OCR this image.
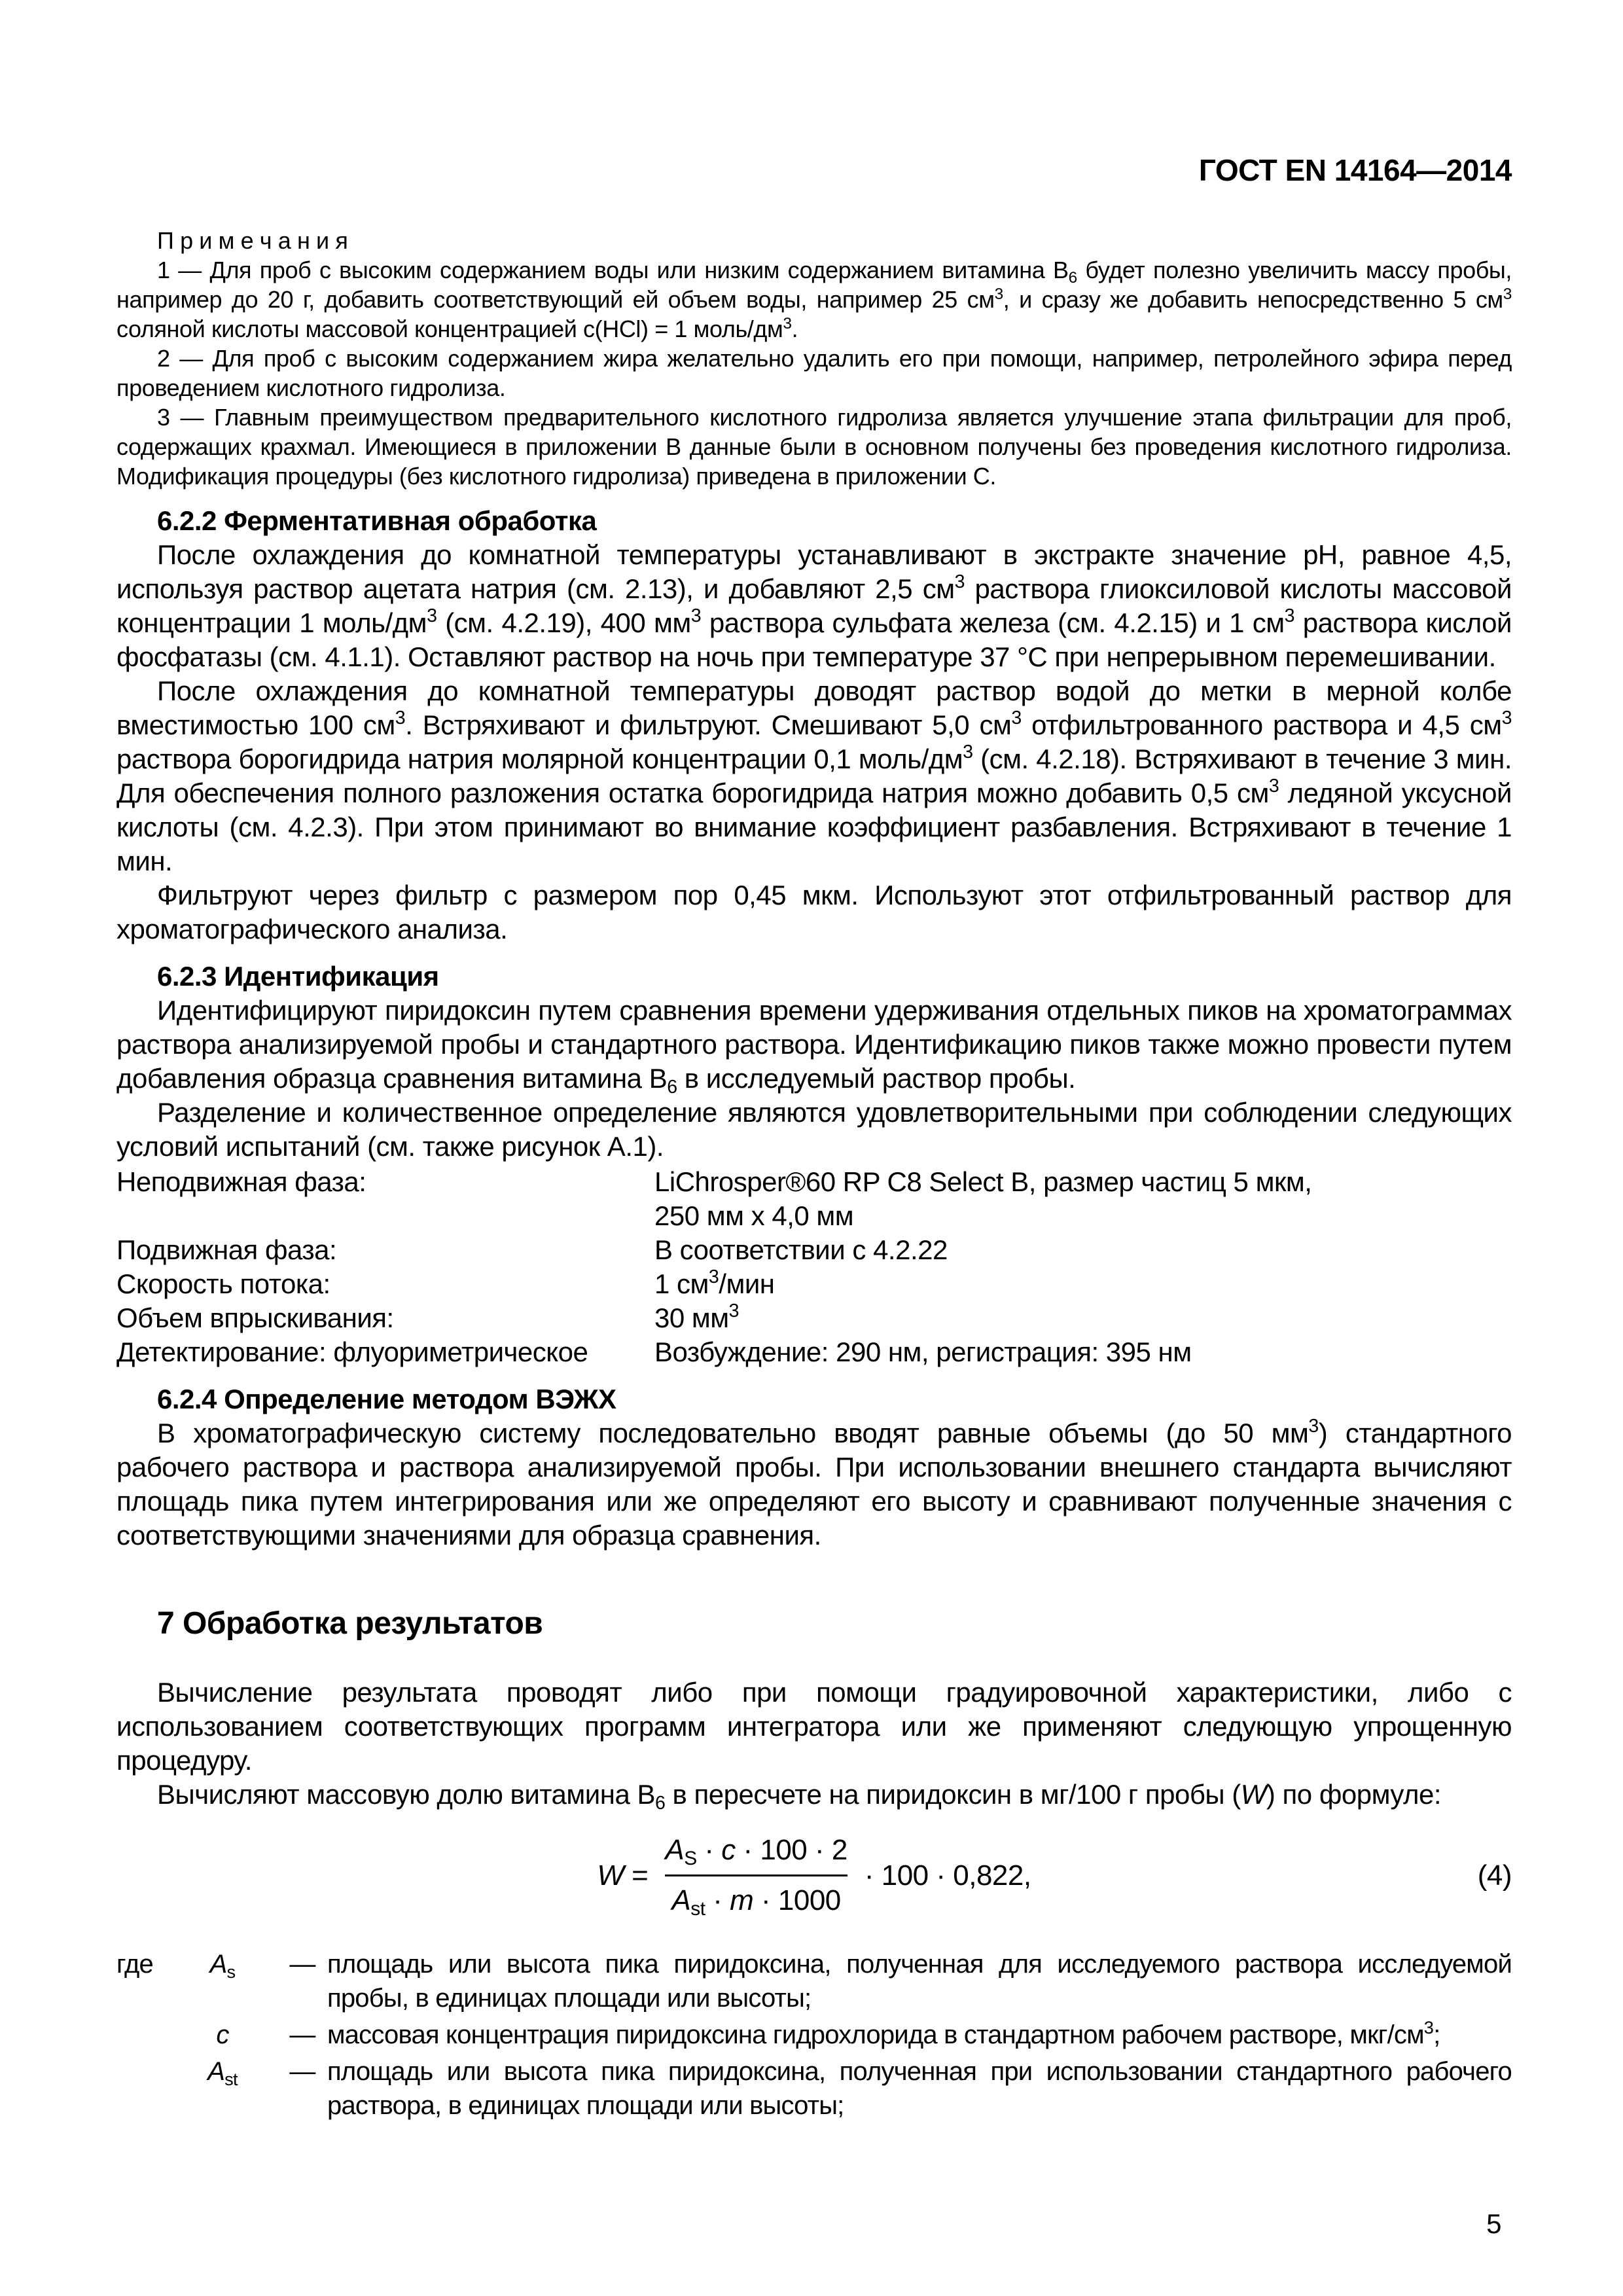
ГОСТ EN 14164—2014
П р и м е ч а н и я

1 — Для проб с высоким содержанием воды или низким содержанием витамина $В_6$ будет полезно увеличить массу пробы, например до 20 г, добавить соответствующий ей объем воды, например 25 $см^3$, и сразу же добавить непосредственно 5 $см^3$ соляной кислоты массовой концентрацией c(HCl) = 1 моль/$дм^3$.

2 — Для проб с высоким содержанием жира желательно удалить его при помощи, например, петролейного эфира перед проведением кислотного гидролиза.

3 — Главным преимуществом предварительного кислотного гидролиза является улучшение этапа фильтрации для проб, содержащих крахмал. Имеющиеся в приложении В данные были в основном получены без проведения кислотного гидролиза. Модификация процедуры (без кислотного гидролиза) приведена в приложении С.

6.2.2 Ферментативная обработка

После охлаждения до комнатной температуры устанавливают в экстракте значение pH, равное 4,5, используя раствор ацетата натрия (см. 2.13), и добавляют 2,5 $см^3$ раствора глиоксиловой кислоты массовой концентрации 1 моль/$дм^3$ (см. 4.2.19), 400 $мм^3$ раствора сульфата железа (см. 4.2.15) и 1 $см^3$ раствора кислой фосфатазы (см. 4.1.1). Оставляют раствор на ночь при температуре 37 °C при непрерывном перемешивании.

После охлаждения до комнатной температуры доводят раствор водой до метки в мерной колбе вместимостью 100 $см^3$. Встряхивают и фильтруют. Смешивают 5,0 $см^3$ отфильтрованного раствора и 4,5 $см^3$ раствора борогидрида натрия молярной концентрации 0,1 моль/$дм^3$ (см. 4.2.18). Встряхивают в течение 3 мин. Для обеспечения полного разложения остатка борогидрида натрия можно добавить 0,5 $см^3$ ледяной уксусной кислоты (см. 4.2.3). При этом принимают во внимание коэффициент разбавления. Встряхивают в течение 1 мин.

Фильтруют через фильтр с размером пор 0,45 мкм. Используют этот отфильтрованный раствор для хроматографического анализа.

6.2.3 Идентификация

Идентифицируют пиридоксин путем сравнения времени удерживания отдельных пиков на хроматограммах раствора анализируемой пробы и стандартного раствора. Идентификацию пиков также можно провести путем добавления образца сравнения витамина $В_6$ в исследуемый раствор пробы.

Разделение и количественное определение являются удовлетворительными при соблюдении следующих условий испытаний (см. также рисунок А.1).

Неподвижная фаза:	LiChrosper®60 RP C8 Select B, размер частиц 5 мкм,
250 мм x 4,0 мм
Подвижная фаза:	В соответствии с 4.2.22
Скорость потока:	1 $см^3$/мин
Объем впрыскивания:	30 $мм^3$
Детектирование: флуориметрическое	Возбуждение: 290 нм, регистрация: 395 нм
6.2.4 Определение методом ВЭЖХ

В хроматографическую систему последовательно вводят равные объемы (до 50 $мм^3$) стандартного рабочего раствора и раствора анализируемой пробы. При использовании внешнего стандарта вычисляют площадь пика путем интегрирования или же определяют его высоту и сравнивают полученные значения с соответствующими значениями для образца сравнения.

7 Обработка результатов

Вычисление результата проводят либо при помощи градуировочной характеристики, либо с использованием соответствующих программ интегратора или же применяют следующую упрощенную процедуру.

Вычисляют массовую долю витамина $В_6$ в пересчете на пиридоксин в мг/100 г пробы (W) по формуле:

$W = \frac{A_S \cdot c \cdot 100 \cdot 2}{A_{st} \cdot m \cdot 1000} \cdot 100 \cdot 0,822$,	(4)
где	$A_s$	— площадь или высота пика пиридоксина, полученная для исследуемого раствора исследуемой пробы, в единицах площади или высоты;
c	— массовая концентрация пиридоксина гидрохлорида в стандартном рабочем растворе, мкг/$см^3$;
$A_{st}$	— площадь или высота пика пиридоксина, полученная при использовании стандартного рабочего раствора, в единицах площади или высоты;
5
